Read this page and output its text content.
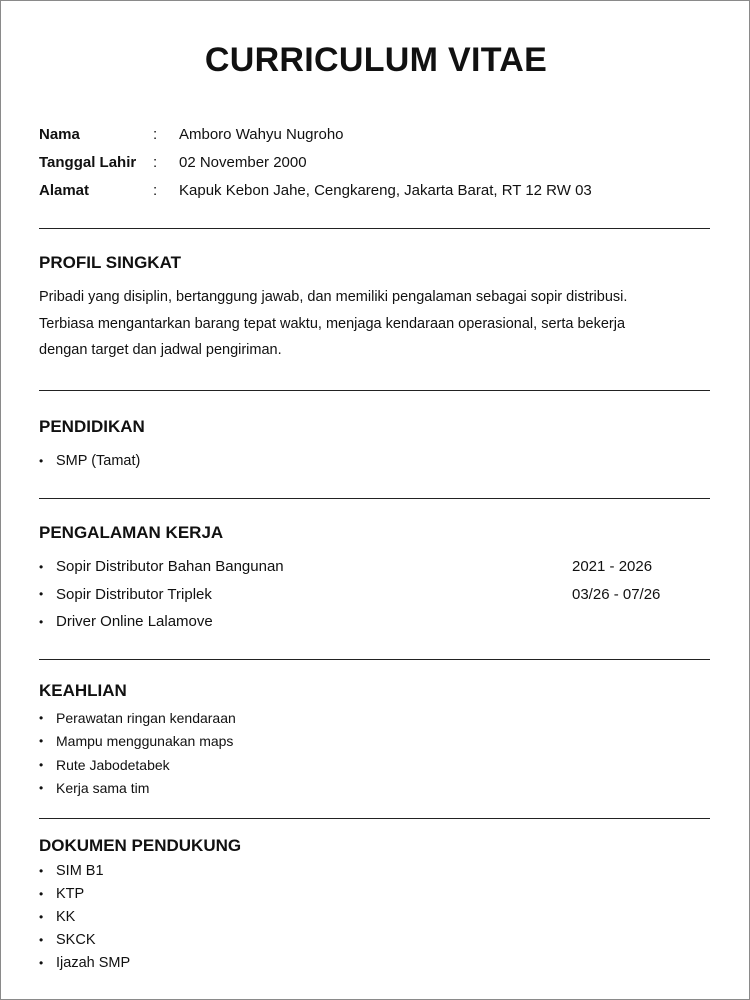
CURRICULUM VITAE
Nama	:	Amboro Wahyu Nugroho
Tanggal Lahir	:	02 November 2000
Alamat	:	Kapuk Kebon Jahe, Cengkareng, Jakarta Barat, RT 12 RW 03
PROFIL SINGKAT
Pribadi yang disiplin, bertanggung jawab, dan memiliki pengalaman sebagai sopir distribusi.
Terbiasa mengantarkan barang tepat waktu, menjaga kendaraan operasional, serta bekerja
dengan target dan jadwal pengiriman.
PENDIDIKAN
• SMP (Tamat)
PENGALAMAN KERJA
• Sopir Distributor Bahan Bangunan	2021 - 2026
• Sopir Distributor Triplek	03/26 - 07/26
• Driver Online Lalamove
KEAHLIAN
• Perawatan ringan kendaraan
• Mampu menggunakan maps
• Rute Jabodetabek
• Kerja sama tim
DOKUMEN PENDUKUNG
• SIM B1
• KTP
• KK
• SKCK
• Ijazah SMP
